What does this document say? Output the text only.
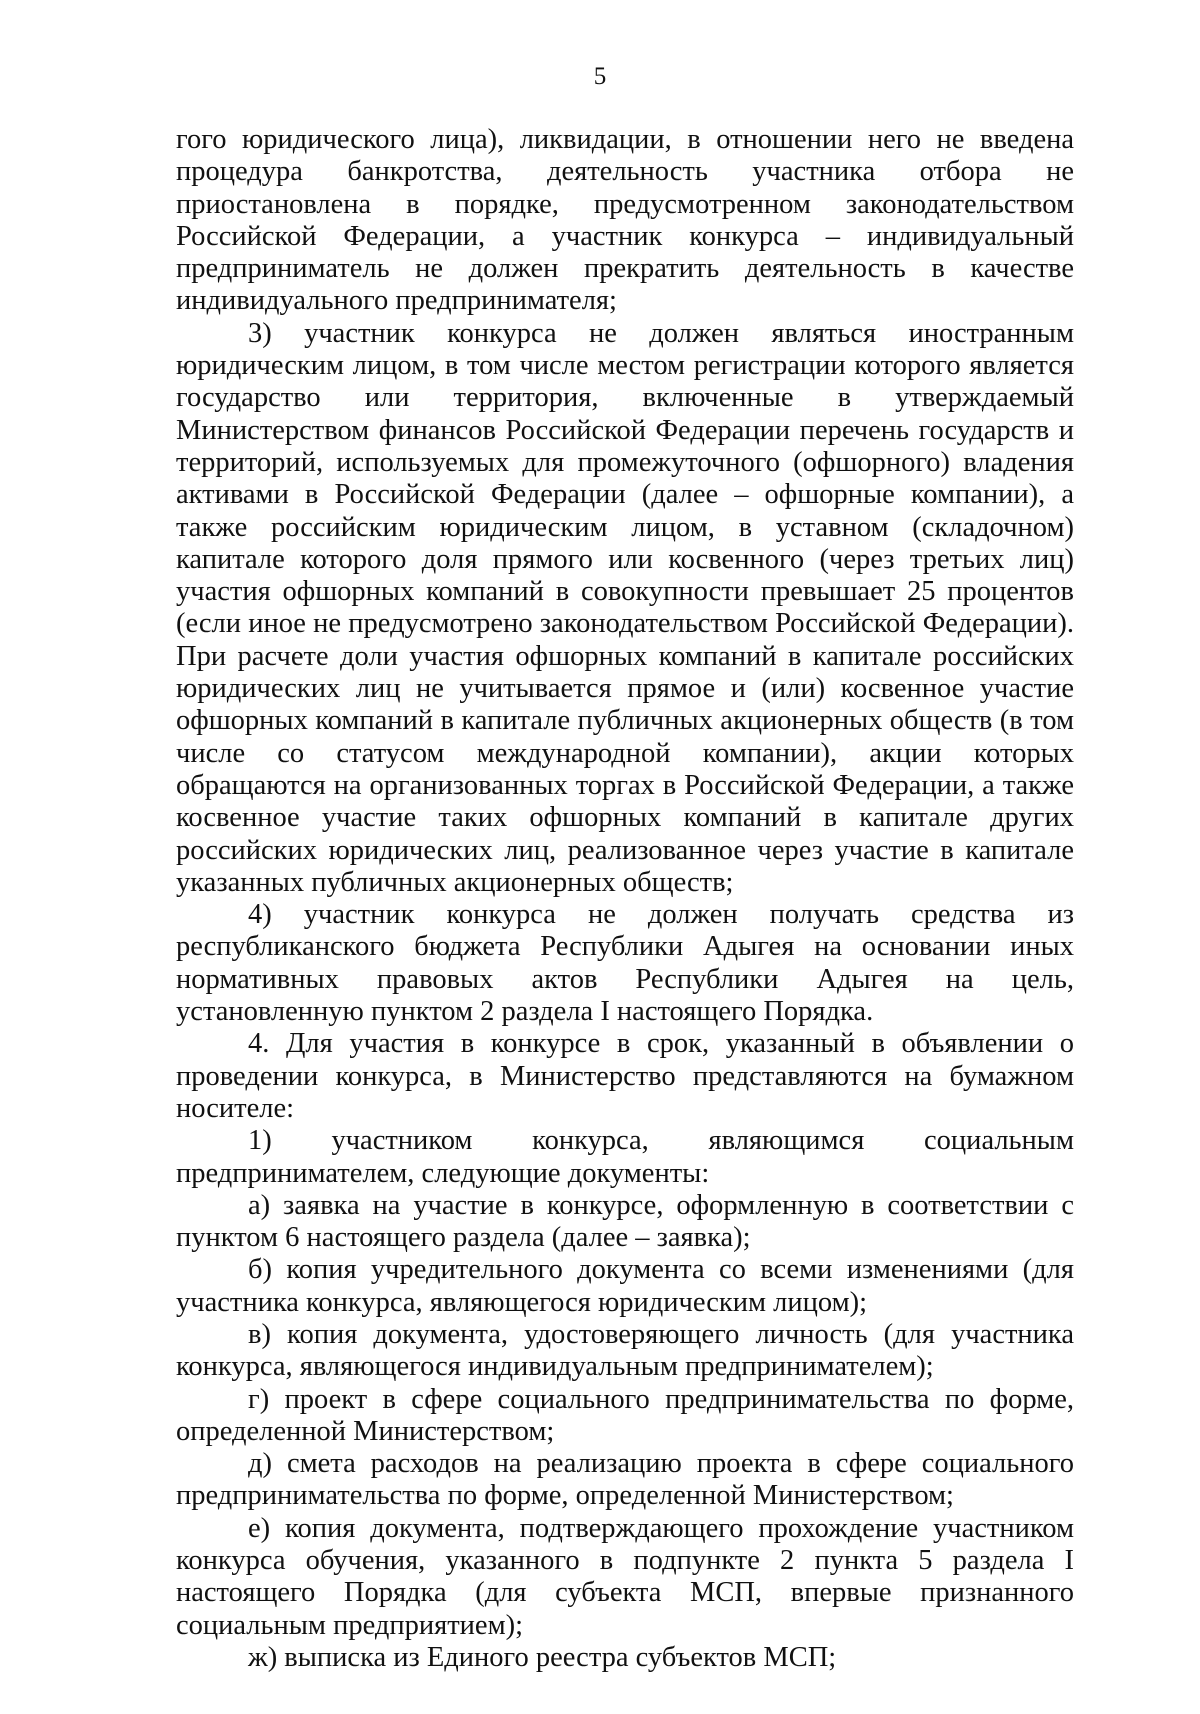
5

гого юридического лица), ликвидации, в отношении него не введена процедура банкротства, деятельность участника отбора не приостановлена в порядке, предусмотренном законодательством Российской Федерации, а участник конкурса – индивидуальный предприниматель не должен прекратить деятельность в качестве индивидуального предпринимателя;

3) участник конкурса не должен являться иностранным юридическим лицом, в том числе местом регистрации которого является государство или территория, включенные в утверждаемый Министерством финансов Российской Федерации перечень государств и территорий, используемых для промежуточного (офшорного) владения активами в Российской Федерации (далее – офшорные компании), а также российским юридическим лицом, в уставном (складочном) капитале которого доля прямого или косвенного (через третьих лиц) участия офшорных компаний в совокупности превышает 25 процентов (если иное не предусмотрено законодательством Российской Федерации). При расчете доли участия офшорных компаний в капитале российских юридических лиц не учитывается прямое и (или) косвенное участие офшорных компаний в капитале публичных акционерных обществ (в том числе со статусом международной компании), акции которых обращаются на организованных торгах в Российской Федерации, а также косвенное участие таких офшорных компаний в капитале других российских юридических лиц, реализованное через участие в капитале указанных публичных акционерных обществ;

4) участник конкурса не должен получать средства из республиканского бюджета Республики Адыгея на основании иных нормативных правовых актов Республики Адыгея на цель, установленную пунктом 2 раздела I настоящего Порядка.

4. Для участия в конкурсе в срок, указанный в объявлении о проведении конкурса, в Министерство представляются на бумажном носителе:

1) участником конкурса, являющимся социальным предпринимателем, следующие документы:

а) заявка на участие в конкурсе, оформленную в соответствии с пунктом 6 настоящего раздела (далее – заявка);

б) копия учредительного документа со всеми изменениями (для участника конкурса, являющегося юридическим лицом);

в) копия документа, удостоверяющего личность (для участника конкурса, являющегося индивидуальным предпринимателем);

г) проект в сфере социального предпринимательства по форме, определенной Министерством;

д) смета расходов на реализацию проекта в сфере социального предпринимательства по форме, определенной Министерством;

е) копия документа, подтверждающего прохождение участником конкурса обучения, указанного в подпункте 2 пункта 5 раздела I настоящего Порядка (для субъекта МСП, впервые признанного социальным предприятием);

ж) выписка из Единого реестра субъектов МСП;
